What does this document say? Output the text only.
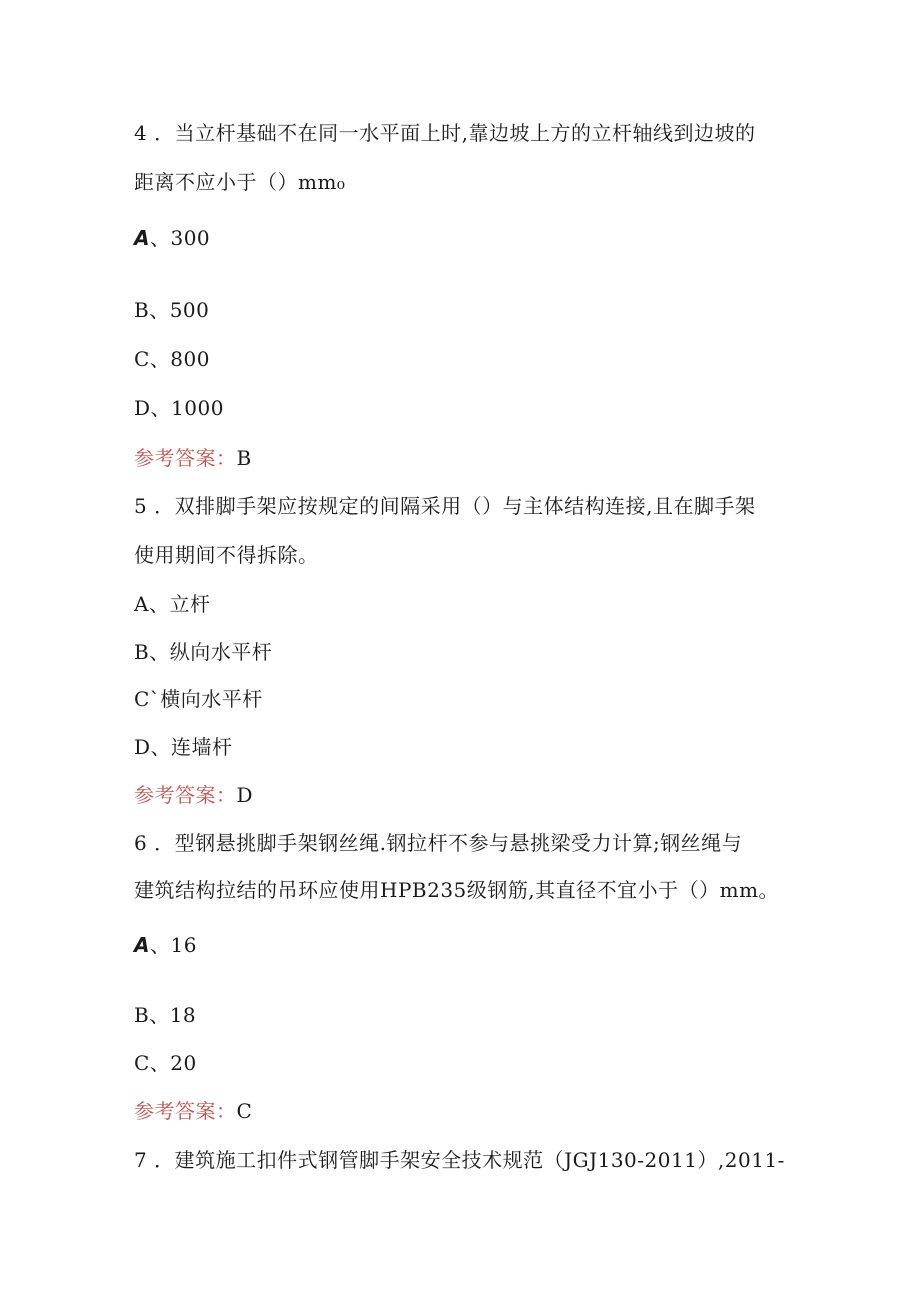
4 ．当立杆基础不在同一水平面上时,靠边坡上方的立杆轴线到边坡的
距离不应小于（）mm₀
A、300
B、500
C、800
D、1000
参考答案：B
5 ．双排脚手架应按规定的间隔采用（）与主体结构连接,且在脚手架
使用期间不得拆除。
A、立杆
B、纵向水平杆
C`横向水平杆
D、连墙杆
参考答案：D
6 ．型钢悬挑脚手架钢丝绳.钢拉杆不参与悬挑梁受力计算;钢丝绳与
建筑结构拉结的吊环应使用HPB235级钢筋,其直径不宜小于（）mm。
A、16
B、18
C、20
参考答案：C
7 ．建筑施工扣件式钢管脚手架安全技术规范（JGJ130-2011）,2011-
